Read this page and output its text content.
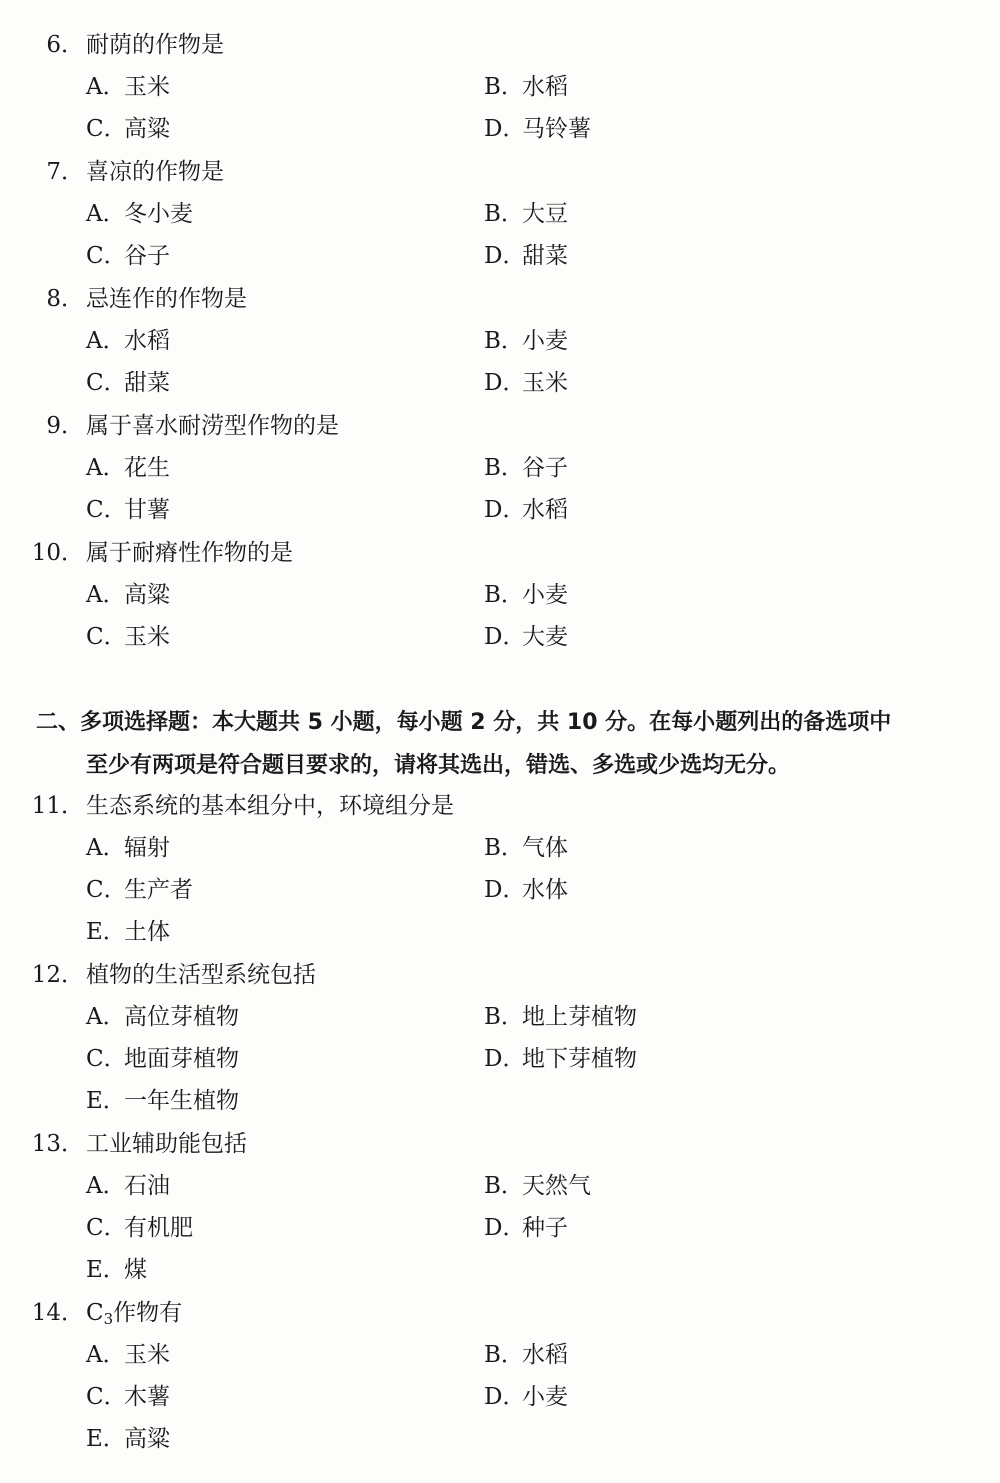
6． 耐荫的作物是
A．玉米	B．水稻
C．高粱	D．马铃薯
7． 喜凉的作物是
A．冬小麦	B．大豆
C．谷子	D．甜菜
8． 忌连作的作物是
A．水稻	B．小麦
C．甜菜	D．玉米
9． 属于喜水耐涝型作物的是
A．花生	B．谷子
C．甘薯	D．水稻
10． 属于耐瘠性作物的是
A．高粱	B．小麦
C．玉米	D．大麦
二、多项选择题：本大题共 5 小题，每小题 2 分，共 10 分。在每小题列出的备选项中
至少有两项是符合题目要求的，请将其选出，错选、多选或少选均无分。
11． 生态系统的基本组分中，环境组分是
A．辐射	B．气体
C．生产者	D．水体
E．土体
12． 植物的生活型系统包括
A．高位芽植物	B．地上芽植物
C．地面芽植物	D．地下芽植物
E．一年生植物
13． 工业辅助能包括
A．石油	B．天然气
C．有机肥	D．种子
E．煤
14． $C_3$作物有
A．玉米	B．水稻
C．木薯	D．小麦
E．高粱
